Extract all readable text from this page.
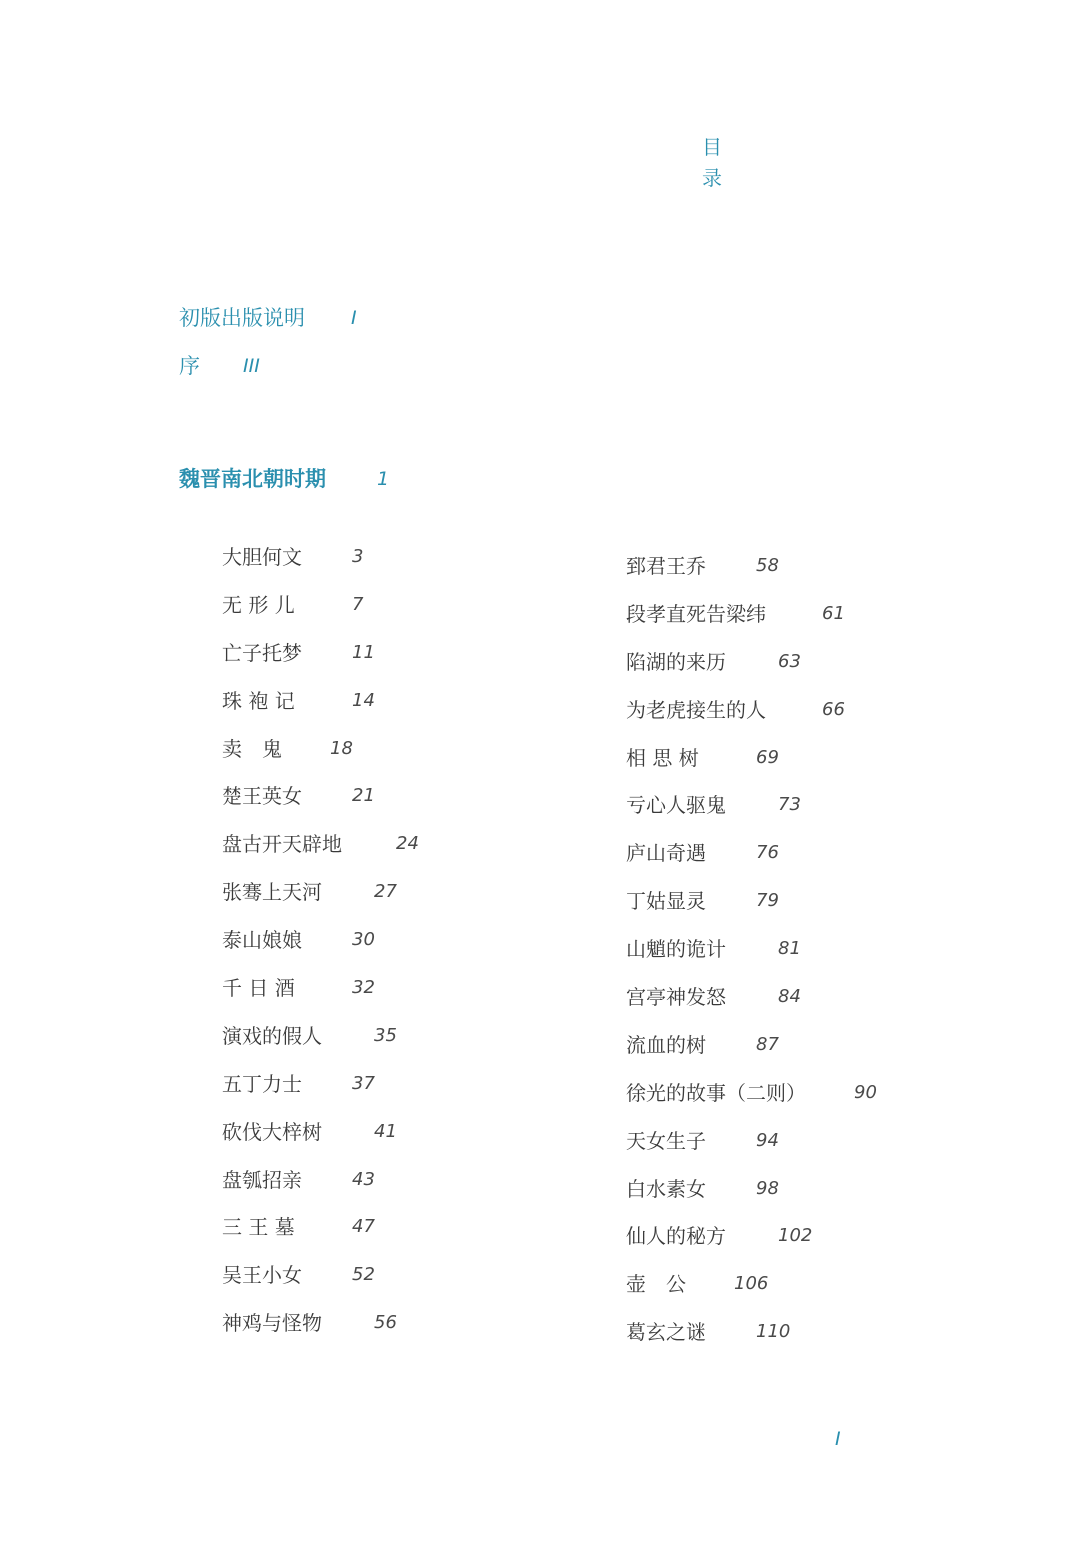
目
录
初版出版说明 I
序 III
魏晋南北朝时期	1
大胆何文	3
无 形 儿	7
亡子托梦	11
珠 袍 记	14
卖　鬼	18
楚王英女	21
盘古开天辟地	24
张骞上天河	27
泰山娘娘	30
千 日 酒	32
演戏的假人	35
五丁力士	37
砍伐大梓树	41
盘瓠招亲	43
三 王 墓	47
吴王小女	52
神鸡与怪物	56
郅君王乔	58
段孝直死告梁纬	61
陷湖的来历	63
为老虎接生的人	66
相 思 树	69
亏心人驱鬼	73
庐山奇遇	76
丁姑显灵	79
山魈的诡计	81
宫亭神发怒	84
流血的树	87
徐光的故事（二则）	90
天女生子	94
白水素女	98
仙人的秘方	102
壶　公	106
葛玄之谜	110
I
